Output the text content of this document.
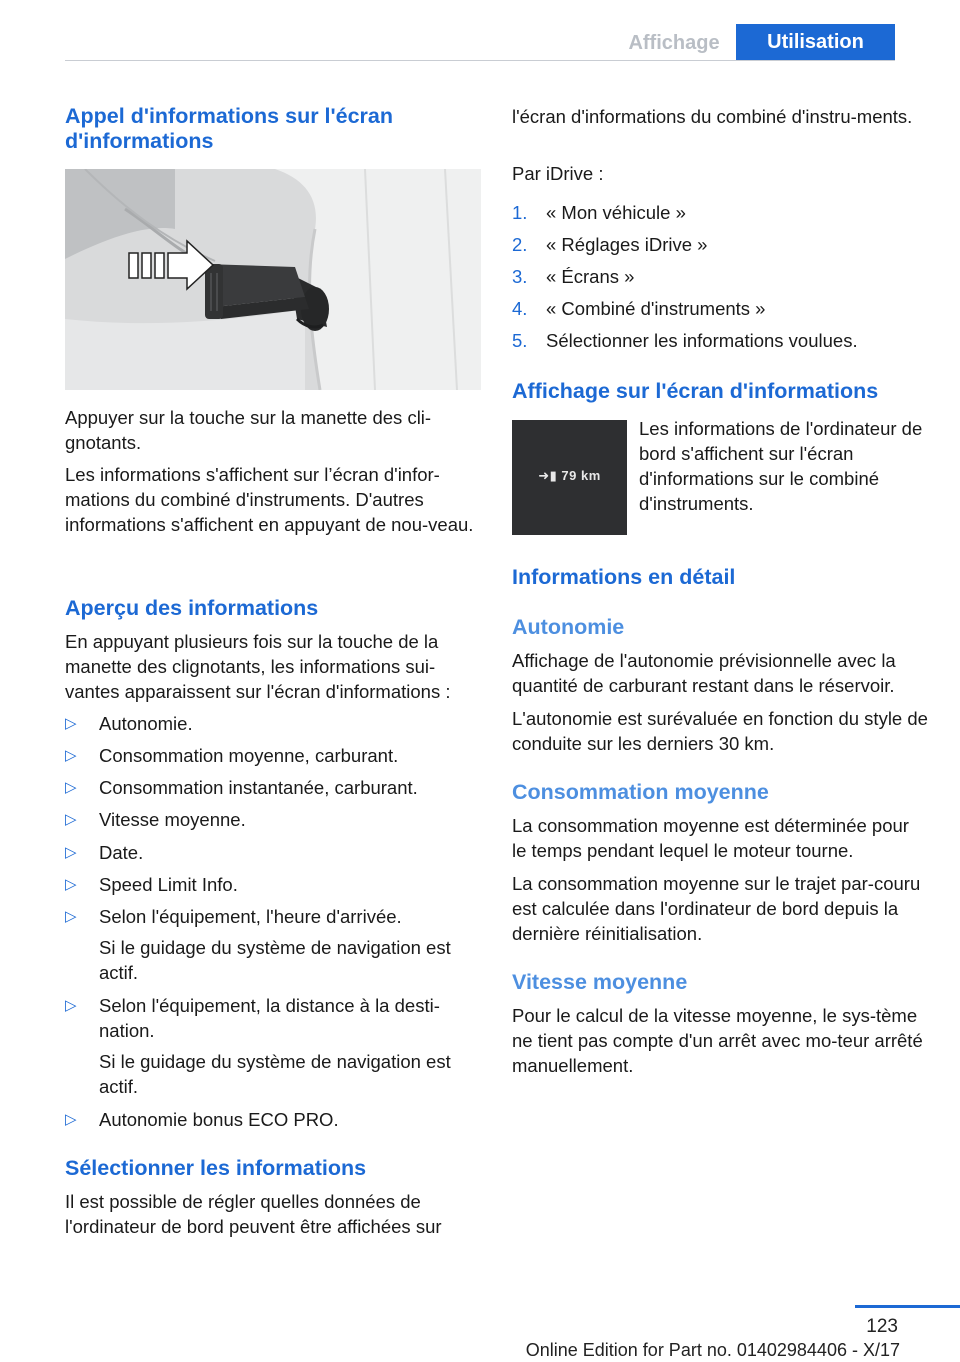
Affichage	Utilisation
Appel d'informations sur l'écran d'informations

Appuyer sur la touche sur la manette des cli-gnotants.

Les informations s'affichent sur l’écran d'infor-mations du combiné d'instruments. D'autres informations s'affichent en appuyant de nou-veau.

Aperçu des informations

En appuyant plusieurs fois sur la touche de la manette des clignotants, les informations sui-vantes apparaissent sur l'écran d'informations :

▷ Autonomie.
▷ Consommation moyenne, carburant.
▷ Consommation instantanée, carburant.
▷ Vitesse moyenne.
▷ Date.
▷ Speed Limit Info.
▷ Selon l'équipement, l'heure d'arrivée.
Si le guidage du système de navigation est actif.
▷ Selon l'équipement, la distance à la desti-nation.
Si le guidage du système de navigation est actif.
▷ Autonomie bonus ECO PRO.
Sélectionner les informations

Il est possible de régler quelles données de l'ordinateur de bord peuvent être affichées sur

l'écran d'informations du combiné d'instru-ments.

Par iDrive :

1. « Mon véhicule »
2. « Réglages iDrive »
3. « Écrans »
4. « Combiné d'instruments »
5. Sélectionner les informations voulues.
Affichage sur l'écran d'informations
➜▮ 79 km

Les informations de l'ordinateur de bord s'affichent sur l'écran d'informations sur le combiné d'instruments.

Informations en détail
Autonomie

Affichage de l'autonomie prévisionnelle avec la quantité de carburant restant dans le réservoir.

L'autonomie est surévaluée en fonction du style de conduite sur les derniers 30 km.

Consommation moyenne

La consommation moyenne est déterminée pour le temps pendant lequel le moteur tourne.

La consommation moyenne sur le trajet par-couru est calculée dans l'ordinateur de bord depuis la dernière réinitialisation.

Vitesse moyenne

Pour le calcul de la vitesse moyenne, le sys-tème ne tient pas compte d'un arrêt avec mo-teur arrêté manuellement.

123
Online Edition for Part no. 01402984406 - X/17
